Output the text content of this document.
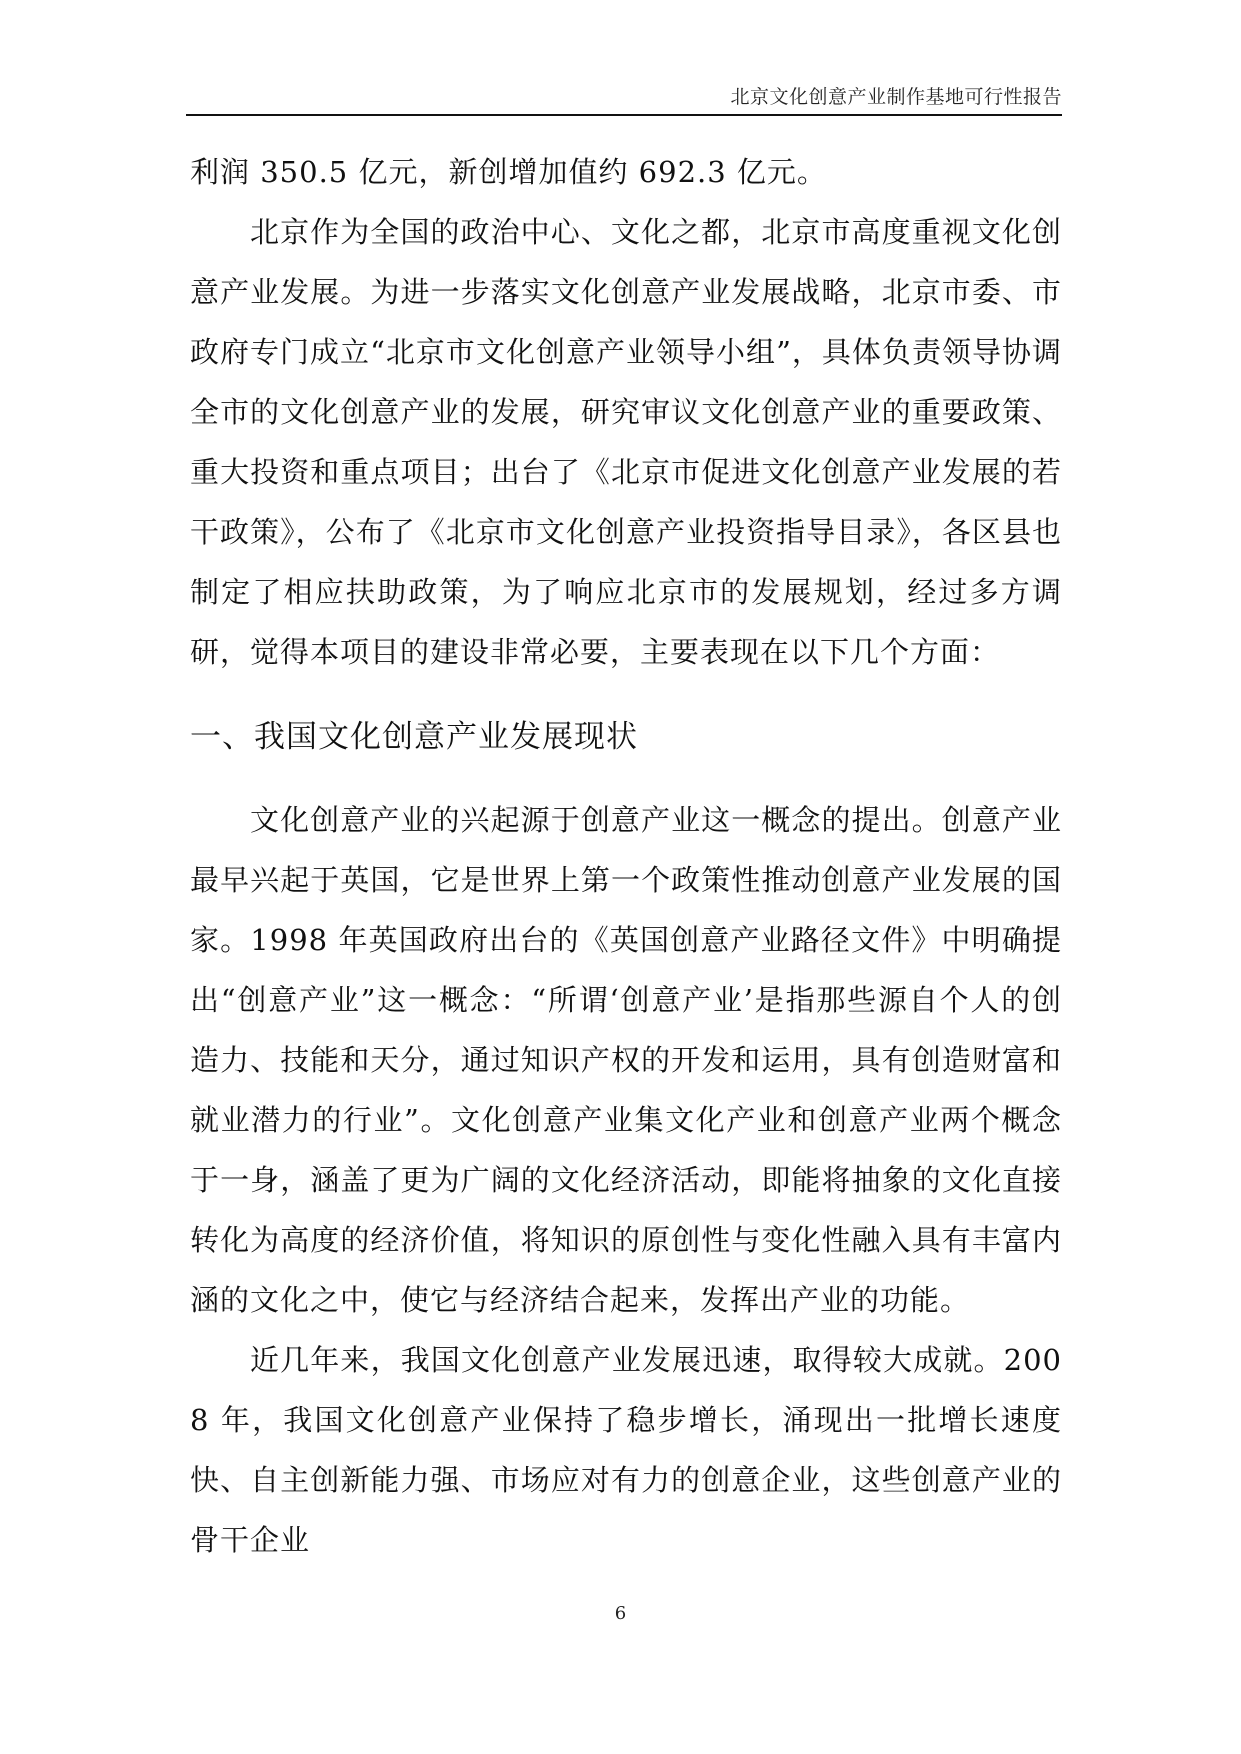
北京文化创意产业制作基地可行性报告

利润 350.5 亿元，新创增加值约 692.3 亿元。

北京作为全国的政治中心、文化之都，北京市高度重视文化创意产业发展。为进一步落实文化创意产业发展战略，北京市委、市政府专门成立“北京市文化创意产业领导小组”，具体负责领导协调全市的文化创意产业的发展，研究审议文化创意产业的重要政策、重大投资和重点项目；出台了《北京市促进文化创意产业发展的若干政策》，公布了《北京市文化创意产业投资指导目录》，各区县也制定了相应扶助政策，为了响应北京市的发展规划，经过多方调研，觉得本项目的建设非常必要，主要表现在以下几个方面：

一、我国文化创意产业发展现状

文化创意产业的兴起源于创意产业这一概念的提出。创意产业最早兴起于英国，它是世界上第一个政策性推动创意产业发展的国家。1998 年英国政府出台的《英国创意产业路径文件》中明确提出“创意产业”这一概念：“所谓‘创意产业’是指那些源自个人的创造力、技能和天分，通过知识产权的开发和运用，具有创造财富和就业潜力的行业”。文化创意产业集文化产业和创意产业两个概念于一身，涵盖了更为广阔的文化经济活动，即能将抽象的文化直接转化为高度的经济价值，将知识的原创性与变化性融入具有丰富内涵的文化之中，使它与经济结合起来，发挥出产业的功能。

近几年来，我国文化创意产业发展迅速，取得较大成就。2008 年，我国文化创意产业保持了稳步增长，涌现出一批增长速度快、自主创新能力强、市场应对有力的创意企业，这些创意产业的骨干企业

6
